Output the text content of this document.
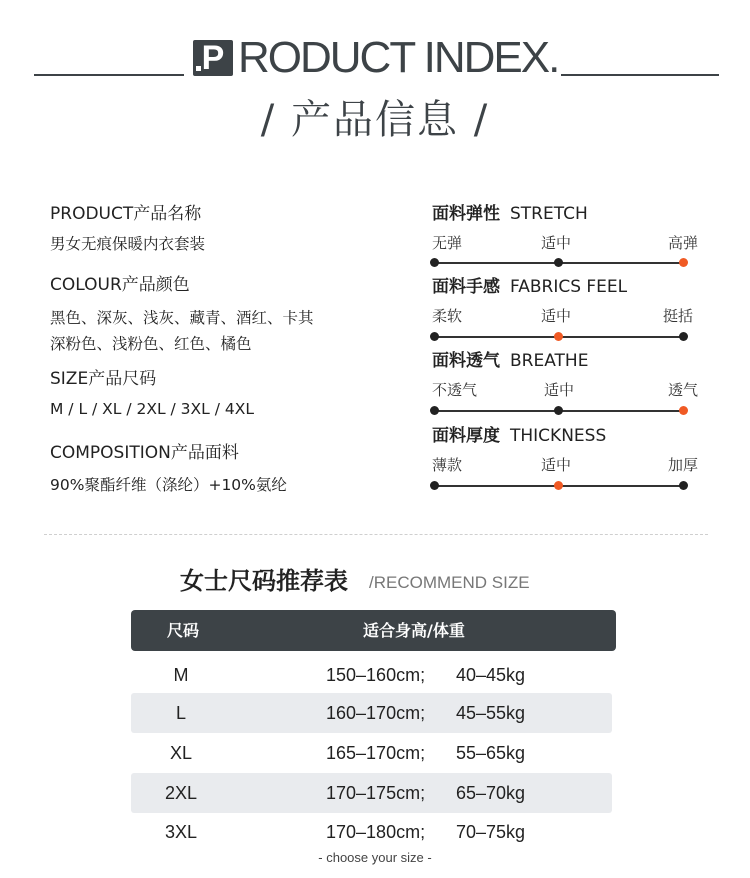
P RODUCT INDEX.
/ 产品信息 /
PRODUCT产品名称
男女无痕保暖内衣套装
COLOUR产品颜色
黑色、深灰、浅灰、藏青、酒红、卡其
深粉色、浅粉色、红色、橘色
SIZE产品尺码
M / L / XL / 2XL / 3XL / 4XL
COMPOSITION产品面料
90%聚酯纤维（涤纶）+10%氨纶
面料弹性 STRETCH
无弹	适中	高弹
面料手感 FABRICS FEEL
柔软	适中	挺括
面料透气 BREATHE
不透气	适中	透气
面料厚度 THICKNESS
薄款	适中	加厚
女士尺码推荐表 /RECOMMEND SIZE
尺码	适合身高/体重
M	150–160cm; 40–45kg
L	160–170cm; 45–55kg
XL	165–170cm; 55–65kg
2XL	170–175cm; 65–70kg
3XL	170–180cm; 70–75kg
- choose your size -
